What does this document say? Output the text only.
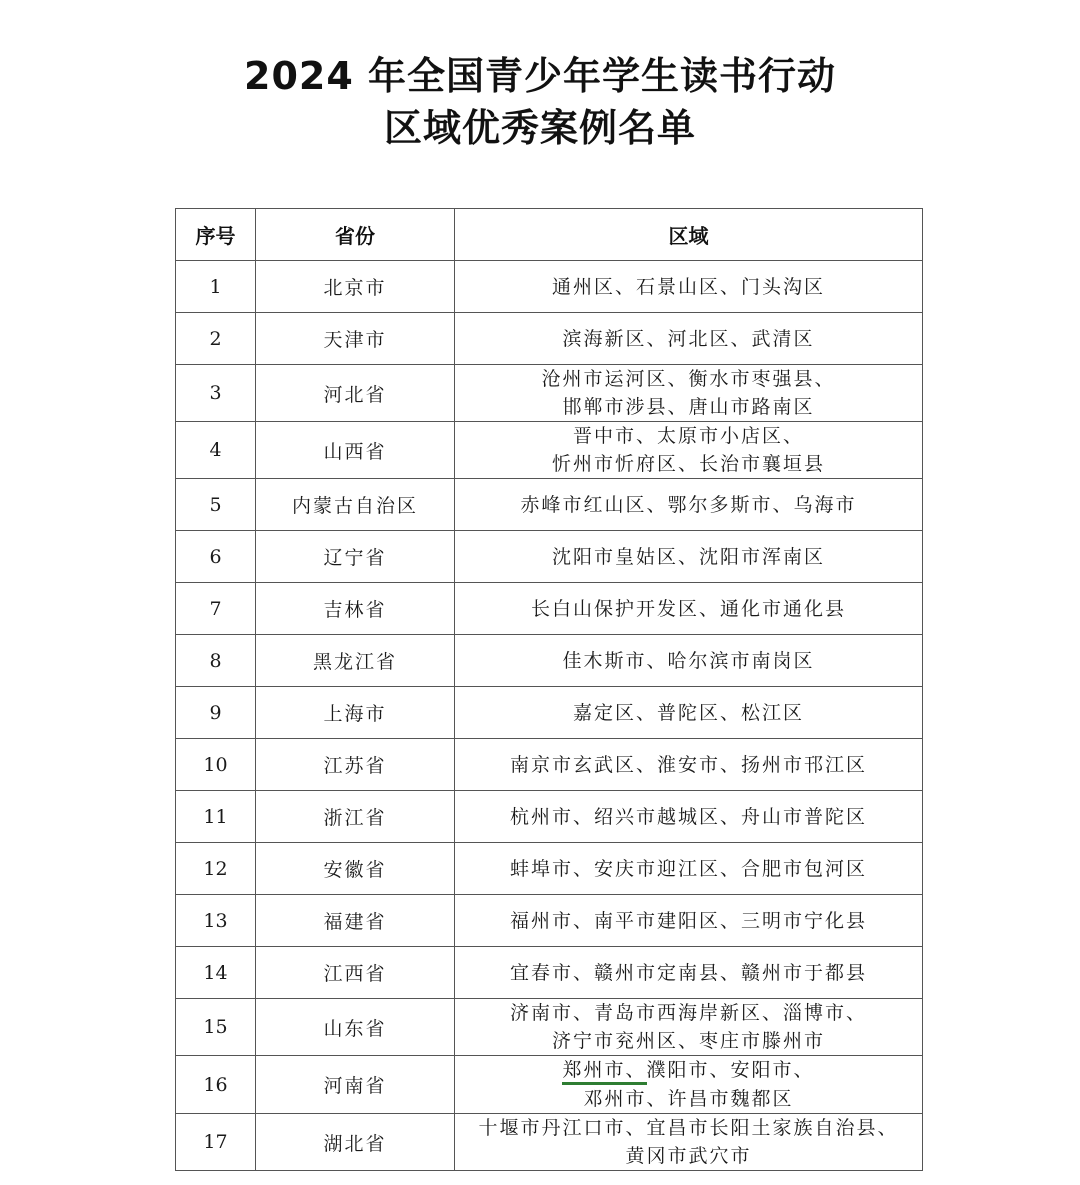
2024 年全国青少年学生读书行动
区域优秀案例名单
序号	省份	区域
1	北京市	通州区、石景山区、门头沟区

2	天津市	滨海新区、河北区、武清区

3	河北省	沧州市运河区、衡水市枣强县、
邯郸市涉县、唐山市路南区

4	山西省	晋中市、太原市小店区、
忻州市忻府区、长治市襄垣县

5	内蒙古自治区	赤峰市红山区、鄂尔多斯市、乌海市

6	辽宁省	沈阳市皇姑区、沈阳市浑南区

7	吉林省	长白山保护开发区、通化市通化县

8	黑龙江省	佳木斯市、哈尔滨市南岗区

9	上海市	嘉定区、普陀区、松江区

10	江苏省	南京市玄武区、淮安市、扬州市邗江区

11	浙江省	杭州市、绍兴市越城区、舟山市普陀区

12	安徽省	蚌埠市、安庆市迎江区、合肥市包河区

13	福建省	福州市、南平市建阳区、三明市宁化县

14	江西省	宜春市、赣州市定南县、赣州市于都县

15	山东省	济南市、青岛市西海岸新区、淄博市、
济宁市兖州区、枣庄市滕州市

16	河南省	郑州市、濮阳市、安阳市、
邓州市、许昌市魏都区

17	湖北省	十堰市丹江口市、宜昌市长阳土家族自治县、
黄冈市武穴市
